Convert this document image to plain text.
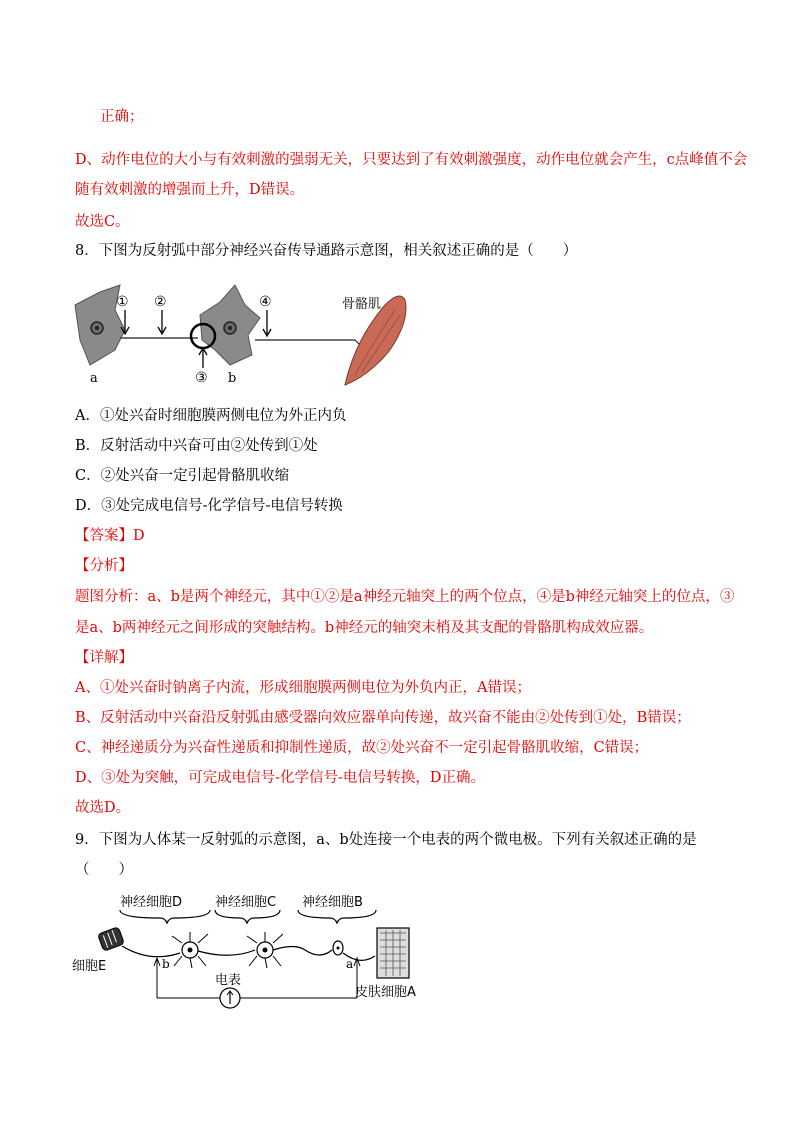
正确；
D、动作电位的大小与有效刺激的强弱无关，只要达到了有效刺激强度，动作电位就会产生，c点峰值不会
随有效刺激的增强而上升，D错误。
故选C。
8．下图为反射弧中部分神经兴奋传导通路示意图，相关叙述正确的是（　　）
① ②
③
④
a	b
骨骼肌
A．①处兴奋时细胞膜两侧电位为外正内负
B．反射活动中兴奋可由②处传到①处
C．②处兴奋一定引起骨骼肌收缩
D．③处完成电信号-化学信号-电信号转换
【答案】D
【分析】
题图分析：a、b是两个神经元，其中①②是a神经元轴突上的两个位点，④是b神经元轴突上的位点，③
是a、b两神经元之间形成的突触结构。b神经元的轴突末梢及其支配的骨骼肌构成效应器。
【详解】
A、①处兴奋时钠离子内流，形成细胞膜两侧电位为外负内正，A错误；
B、反射活动中兴奋沿反射弧由感受器向效应器单向传递，故兴奋不能由②处传到①处，B错误；
C、神经递质分为兴奋性递质和抑制性递质，故②处兴奋不一定引起骨骼肌收缩，C错误；
D、③处为突触，可完成电信号-化学信号-电信号转换，D正确。
故选D。
9．下图为人体某一反射弧的示意图，a、b处连接一个电表的两个微电极。下列有关叙述正确的是
（　　）
神经细胞D	神经细胞C 神经细胞B
细胞E
皮肤细胞A
b	a
电表
